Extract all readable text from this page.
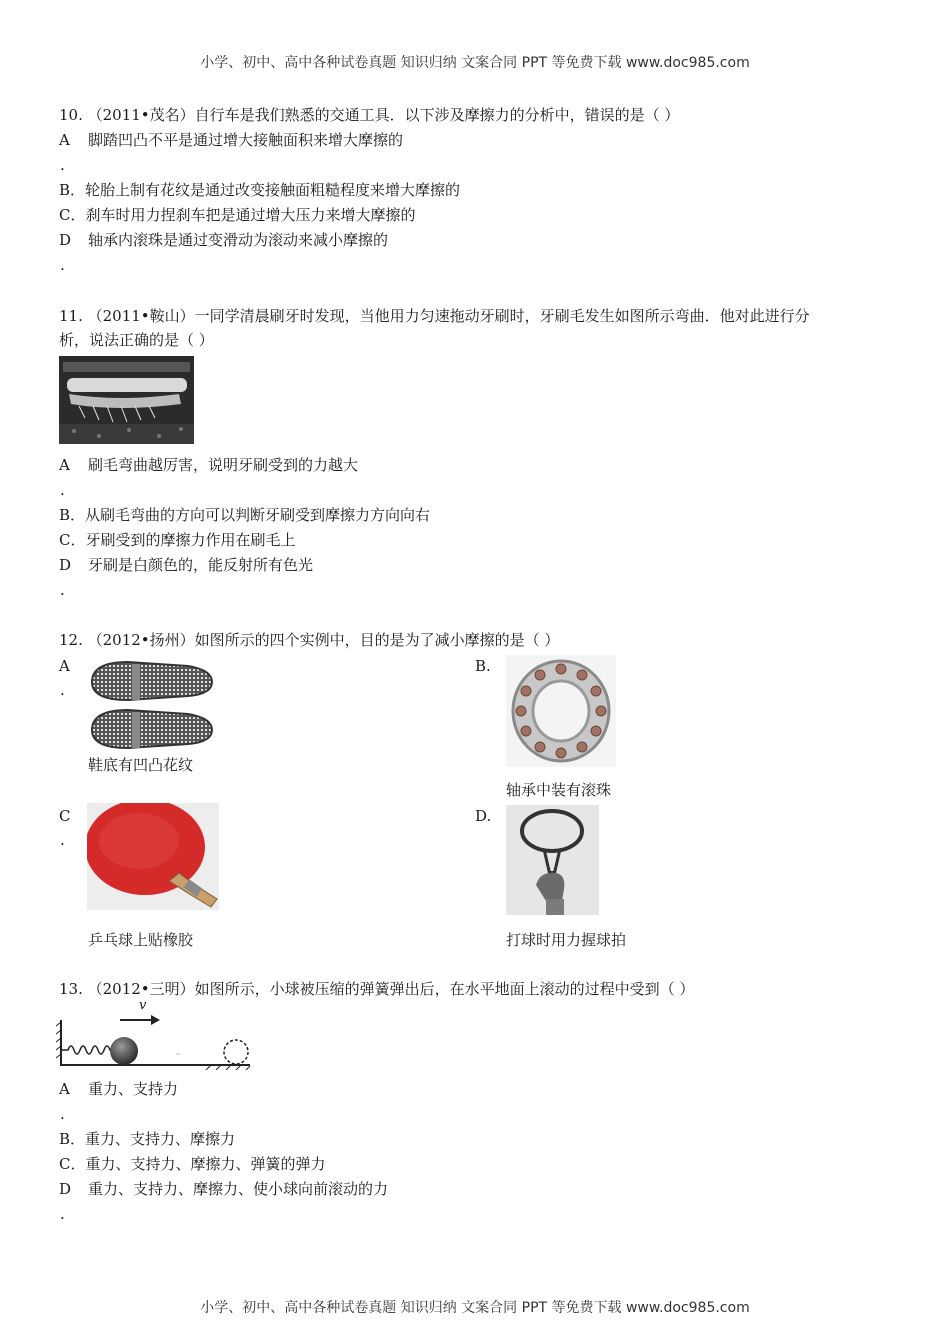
小学、初中、高中各种试卷真题 知识归纳 文案合同 PPT 等免费下载 www.doc985.com
小学、初中、高中各种试卷真题 知识归纳 文案合同 PPT 等免费下载 www.doc985.com
10. （2011•茂名）自行车是我们熟悉的交通工具．以下涉及摩擦力的分析中，错误的是（ ）
A 脚踏凹凸不平是通过增大接触面积来增大摩擦的
.
B．轮胎上制有花纹是通过改变接触面粗糙程度来增大摩擦的
C．刹车时用力捏刹车把是通过增大压力来增大摩擦的
D 轴承内滚珠是通过变滑动为滚动来减小摩擦的
.
11. （2011•鞍山）一同学清晨刷牙时发现，当他用力匀速拖动牙刷时，牙刷毛发生如图所示弯曲．他对此进行分
析，说法正确的是（ ）
A 刷毛弯曲越厉害，说明牙刷受到的力越大
.
B．从刷毛弯曲的方向可以判断牙刷受到摩擦力方向向右
C．牙刷受到的摩擦力作用在刷毛上
D 牙刷是白颜色的，能反射所有色光
.
12. （2012•扬州）如图所示的四个实例中，目的是为了减小摩擦的是（ ）
A
.
鞋底有凹凸花纹
B.
轴承中装有滚珠
C
.
乒乓球上贴橡胶
D.
打球时用力握球拍
13. （2012•三明）如图所示，小球被压缩的弹簧弹出后，在水平地面上滚动的过程中受到（ ）
v
A 重力、支持力
.
B．重力、支持力、摩擦力
C．重力、支持力、摩擦力、弹簧的弹力
D 重力、支持力、摩擦力、使小球向前滚动的力
.
